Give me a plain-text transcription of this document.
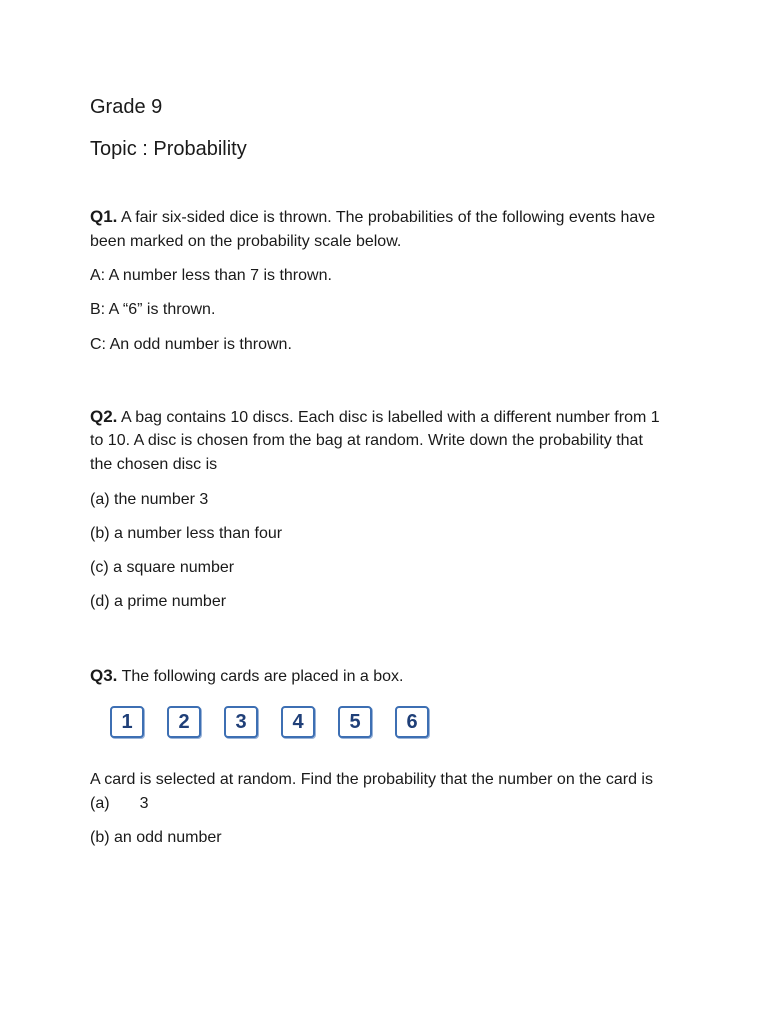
Grade 9
Topic : Probability
Q1. A fair six-sided dice is thrown. The probabilities of the following events have
been marked on the probability scale below.
A: A number less than 7 is thrown.
B: A “6” is thrown.
C: An odd number is thrown.
Q2. A bag contains 10 discs. Each disc is labelled with a different number from 1
to 10. A disc is chosen from the bag at random. Write down the probability that
the chosen disc is
(a) the number 3
(b) a number less than four
(c) a square number
(d) a prime number
Q3. The following cards are placed in a box.
1	2	3	4	5	6
A card is selected at random. Find the probability that the number on the card is
(a) 3
(b) an odd number
